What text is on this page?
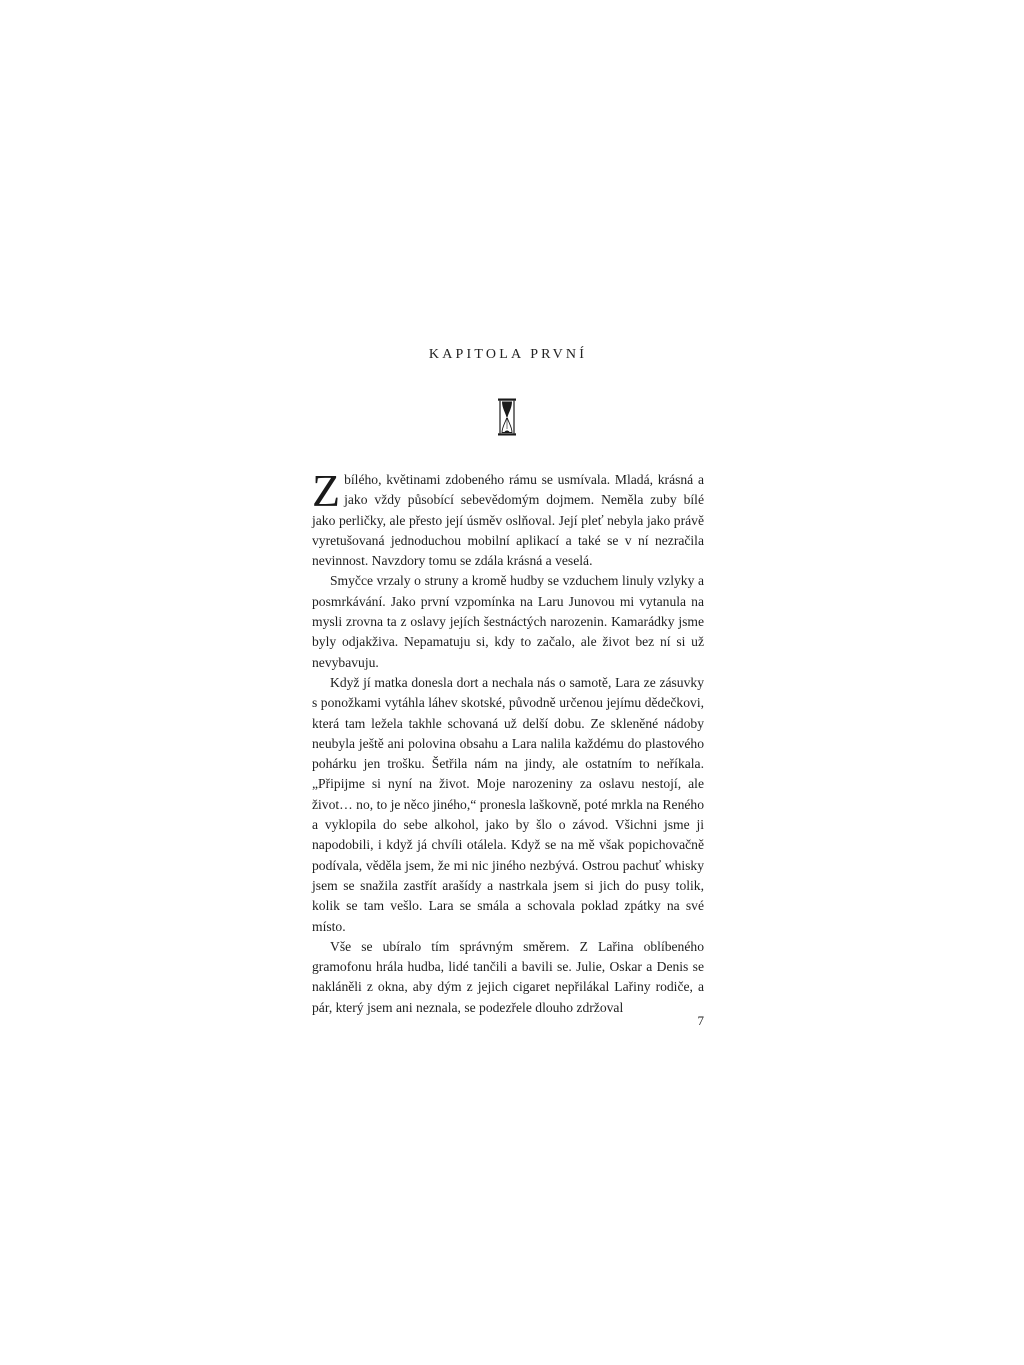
KAPITOLA PRVNÍ

Z bílého, květinami zdobeného rámu se usmívala. Mladá, krásná a jako vždy působící sebevědomým dojmem. Neměla zuby bílé jako perličky, ale přesto její úsměv oslňoval. Její pleť nebyla jako právě vyretušovaná jednoduchou mobilní aplikací a také se v ní nezračila nevinnost. Navzdory tomu se zdála krásná a veselá.

Smyčce vrzaly o struny a kromě hudby se vzduchem linuly vzlyky a posmrkávání. Jako první vzpomínka na Laru Junovou mi vytanula na mysli zrovna ta z oslavy jejích šestnáctých narozenin. Kamarádky jsme byly odjakživa. Nepamatuju si, kdy to začalo, ale život bez ní si už nevybavuju.

Když jí matka donesla dort a nechala nás o samotě, Lara ze zásuvky s ponožkami vytáhla láhev skotské, původně určenou jejímu dědečkovi, která tam ležela takhle schovaná už delší dobu. Ze skleněné nádoby neubyla ještě ani polovina obsahu a Lara nalila každému do plastového pohárku jen trošku. Šetřila nám na jindy, ale ostatním to neříkala. „Připijme si nyní na život. Moje narozeniny za oslavu nestojí, ale život… no, to je něco jiného,“ pronesla laškovně, poté mrkla na Reného a vyklopila do sebe alkohol, jako by šlo o závod. Všichni jsme ji napodobili, i když já chvíli otálela. Když se na mě však popichovačně podívala, věděla jsem, že mi nic jiného nezbývá. Ostrou pachuť whisky jsem se snažila zastřít arašídy a nastrkala jsem si jich do pusy tolik, kolik se tam vešlo. Lara se smála a schovala poklad zpátky na své místo.

Vše se ubíralo tím správným směrem. Z Lařina oblíbeného gramofonu hrála hudba, lidé tančili a bavili se. Julie, Oskar a Denis se nakláněli z okna, aby dým z jejich cigaret nepřilákal Lařiny rodiče, a pár, který jsem ani neznala, se podezřele dlouho zdržoval

7
